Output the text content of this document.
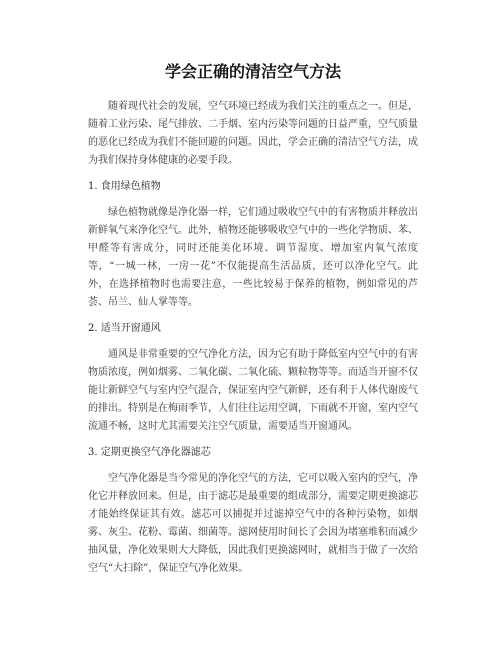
学会正确的清洁空气方法

随着现代社会的发展，空气环境已经成为我们关注的重点之一。但是，随着工业污染、尾气排放、二手烟、室内污染等问题的日益严重，空气质量的恶化已经成为我们不能回避的问题。因此，学会正确的清洁空气方法，成为我们保持身体健康的必要手段。

1. 食用绿色植物

绿色植物就像是净化器一样，它们通过吸收空气中的有害物质并释放出新鲜氧气来净化空气。此外，植物还能够吸收空气中的一些化学物质、苯、甲醛等有害成分，同时还能美化环境、调节湿度、增加室内氧气浓度等，“一城一林，一房一花”不仅能提高生活品质，还可以净化空气。此外，在选择植物时也需要注意，一些比较易于保养的植物，例如常见的芦荟、吊兰、仙人掌等等。

2. 适当开窗通风

通风是非常重要的空气净化方法，因为它有助于降低室内空气中的有害物质浓度，例如烟雾、二氧化碳、二氧化硫、颗粒物等等。而适当开窗不仅能让新鲜空气与室内空气混合，保证室内空气新鲜，还有利于人体代谢废气的排出。特别是在梅雨季节，人们往往运用空调，下雨就不开窗，室内空气流通不畅，这时尤其需要关注空气质量，需要适当开窗通风。

3. 定期更换空气净化器滤芯

空气净化器是当今常见的净化空气的方法，它可以吸入室内的空气，净化它并释放回来。但是，由于滤芯是最重要的组成部分，需要定期更换滤芯才能始终保证其有效。滤芯可以捕捉并过滤掉空气中的各种污染物，如烟雾、灰尘、花粉、霉菌、细菌等。滤网使用时间长了会因为堵塞堆积而减少抽风量，净化效果则大大降低，因此我们更换滤网时，就相当于做了一次给空气“大扫除”，保证空气净化效果。
